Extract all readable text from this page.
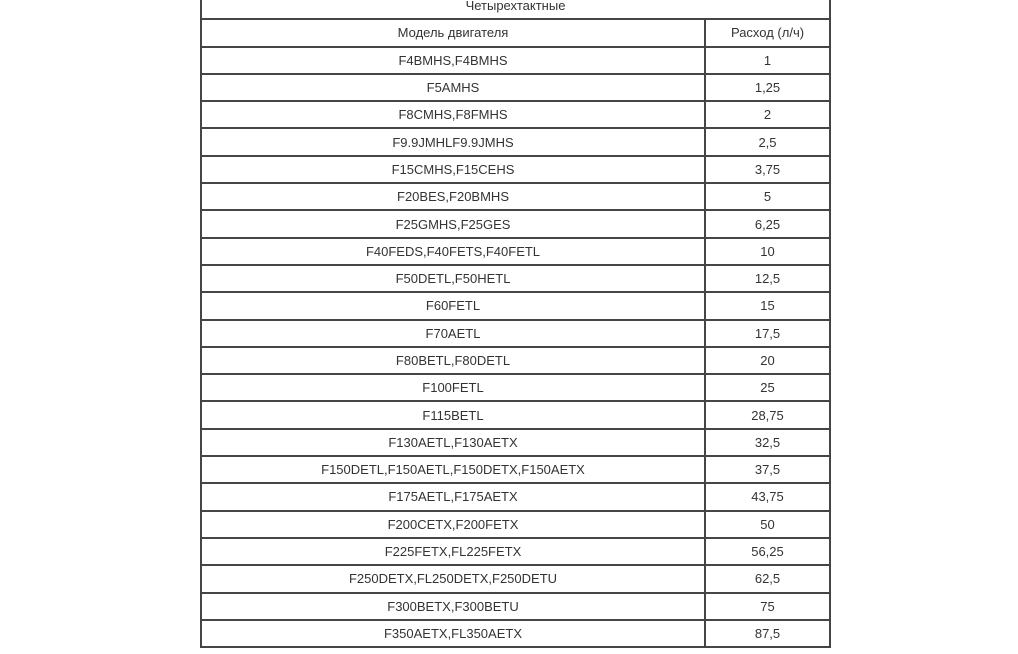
Четырехтактные	
Модель двигателя	Расход (л/ч)
F4BMHS,F4BMHS	1
F5AMHS	1,25
F8CMHS,F8FMHS	2
F9.9JMHLF9.9JMHS	2,5
F15CMHS,F15CEHS	3,75
F20BES,F20BMHS	5
F25GMHS,F25GES	6,25
F40FEDS,F40FETS,F40FETL	10
F50DETL,F50HETL	12,5
F60FETL	15
F70AETL	17,5
F80BETL,F80DETL	20
F100FETL	25
F115BETL	28,75
F130AETL,F130AETX	32,5
F150DETL,F150AETL,F150DETX,F150AETX	37,5
F175AETL,F175AETX	43,75
F200CETX,F200FETX	50
F225FETX,FL225FETX	56,25
F250DETX,FL250DETX,F250DETU	62,5
F300BETX,F300BETU	75
F350AETX,FL350AETX	87,5
